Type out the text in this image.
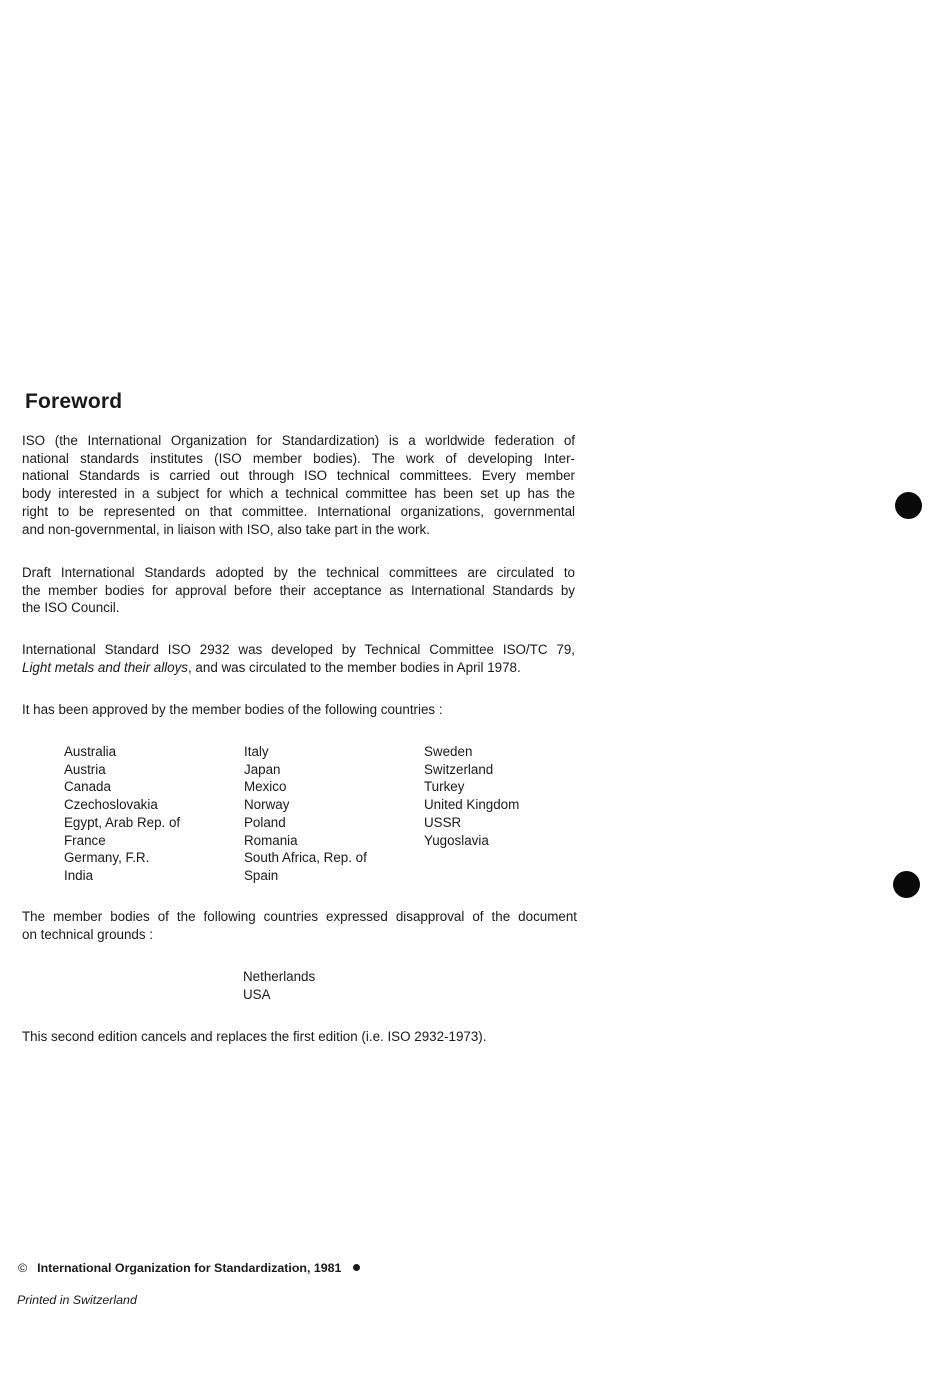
Foreword

ISO (the International Organization for Standardization) is a worldwide federation of
national standards institutes (ISO member bodies). The work of developing Inter-
national Standards is carried out through ISO technical committees. Every member
body interested in a subject for which a technical committee has been set up has the
right to be represented on that committee. International organizations, governmental
and non-governmental, in liaison with ISO, also take part in the work.

Draft International Standards adopted by the technical committees are circulated to
the member bodies for approval before their acceptance as International Standards by
the ISO Council.

International Standard ISO 2932 was developed by Technical Committee ISO/TC 79,
Light metals and their alloys, and was circulated to the member bodies in April 1978.

It has been approved by the member bodies of the following countries :

Australia
Austria
Canada
Czechoslovakia
Egypt, Arab Rep. of
France
Germany, F.R.
India
Italy
Japan
Mexico
Norway
Poland
Romania
South Africa, Rep. of
Spain
Sweden
Switzerland
Turkey
United Kingdom
USSR
Yugoslavia

The member bodies of the following countries expressed disapproval of the document
on technical grounds :

Netherlands
USA

This second edition cancels and replaces the first edition (i.e. ISO 2932-1973).

© International Organization for Standardization, 1981
Printed in Switzerland
